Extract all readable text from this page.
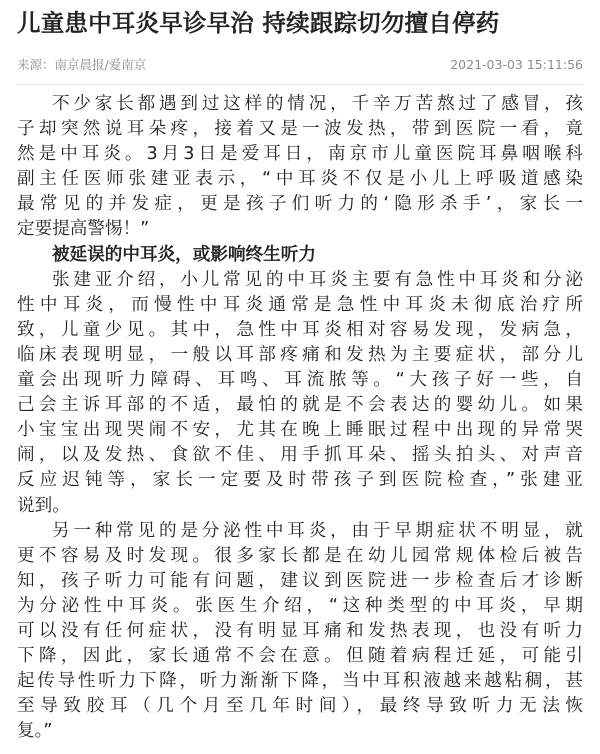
儿童患中耳炎早诊早治 持续跟踪切勿擅自停药
来源：南京晨报/爱南京	2021-03-03 15:11:56
不少家长都遇到过这样的情况，千辛万苦熬过了感冒，孩
子却突然说耳朵疼，接着又是一波发热，带到医院一看，竟
然是中耳炎。3月3日是爱耳日，南京市儿童医院耳鼻咽喉科
副主任医师张建亚表示，“中耳炎不仅是小儿上呼吸道感染
最常见的并发症，更是孩子们听力的‘隐形杀手’，家长一
定要提高警惕！”
被延误的中耳炎，或影响终生听力
张建亚介绍，小儿常见的中耳炎主要有急性中耳炎和分泌
性中耳炎，而慢性中耳炎通常是急性中耳炎未彻底治疗所
致，儿童少见。其中，急性中耳炎相对容易发现，发病急，
临床表现明显，一般以耳部疼痛和发热为主要症状，部分儿
童会出现听力障碍、耳鸣、耳流脓等。“大孩子好一些，自
己会主诉耳部的不适，最怕的就是不会表达的婴幼儿。如果
小宝宝出现哭闹不安，尤其在晚上睡眠过程中出现的异常哭
闹，以及发热、食欲不佳、用手抓耳朵、摇头拍头、对声音
反应迟钝等，家长一定要及时带孩子到医院检查，”张建亚
说到。
另一种常见的是分泌性中耳炎，由于早期症状不明显，就
更不容易及时发现。很多家长都是在幼儿园常规体检后被告
知，孩子听力可能有问题，建议到医院进一步检查后才诊断
为分泌性中耳炎。张医生介绍，“这种类型的中耳炎，早期
可以没有任何症状，没有明显耳痛和发热表现，也没有听力
下降，因此，家长通常不会在意。但随着病程迁延，可能引
起传导性听力下降，听力渐渐下降，当中耳积液越来越粘稠，甚
至导致胶耳（几个月至几年时间），最终导致听力无法恢
复。”
